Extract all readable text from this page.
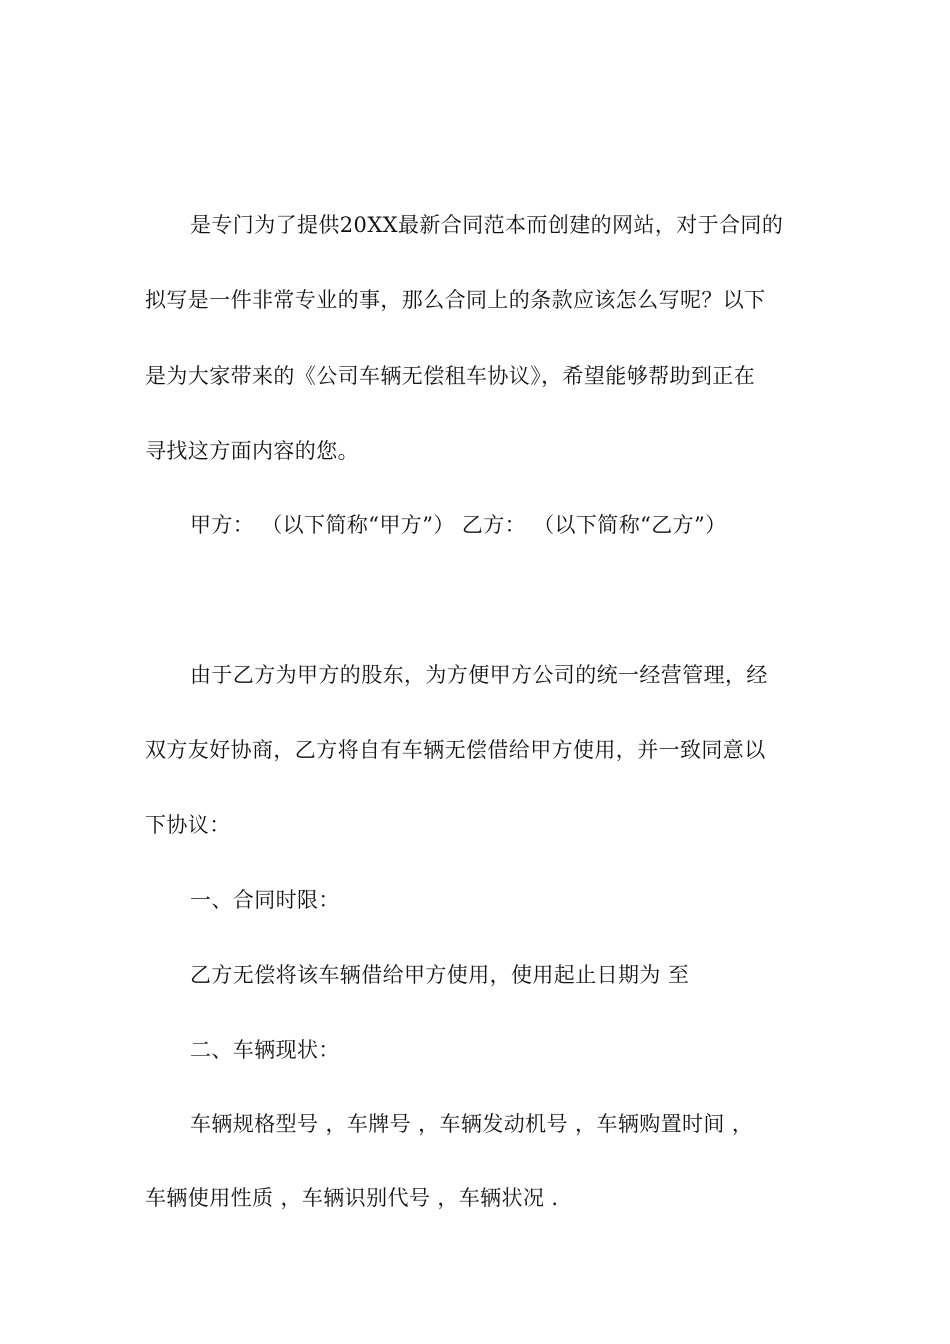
是专门为了提供20XX最新合同范本而创建的网站，对于合同的
拟写是一件非常专业的事，那么合同上的条款应该怎么写呢？以下
是为大家带来的《公司车辆无偿租车协议》，希望能够帮助到正在
寻找这方面内容的您。
甲方： （以下简称“甲方”） 乙方： （以下简称“乙方”）
由于乙方为甲方的股东，为方便甲方公司的统一经营管理，经
双方友好协商，乙方将自有车辆无偿借给甲方使用，并一致同意以
下协议：
一、合同时限：
乙方无偿将该车辆借给甲方使用，使用起止日期为 至
二、车辆现状：
车辆规格型号 ，车牌号 ，车辆发动机号 ，车辆购置时间 ，
车辆使用性质 ，车辆识别代号 ，车辆状况 .
